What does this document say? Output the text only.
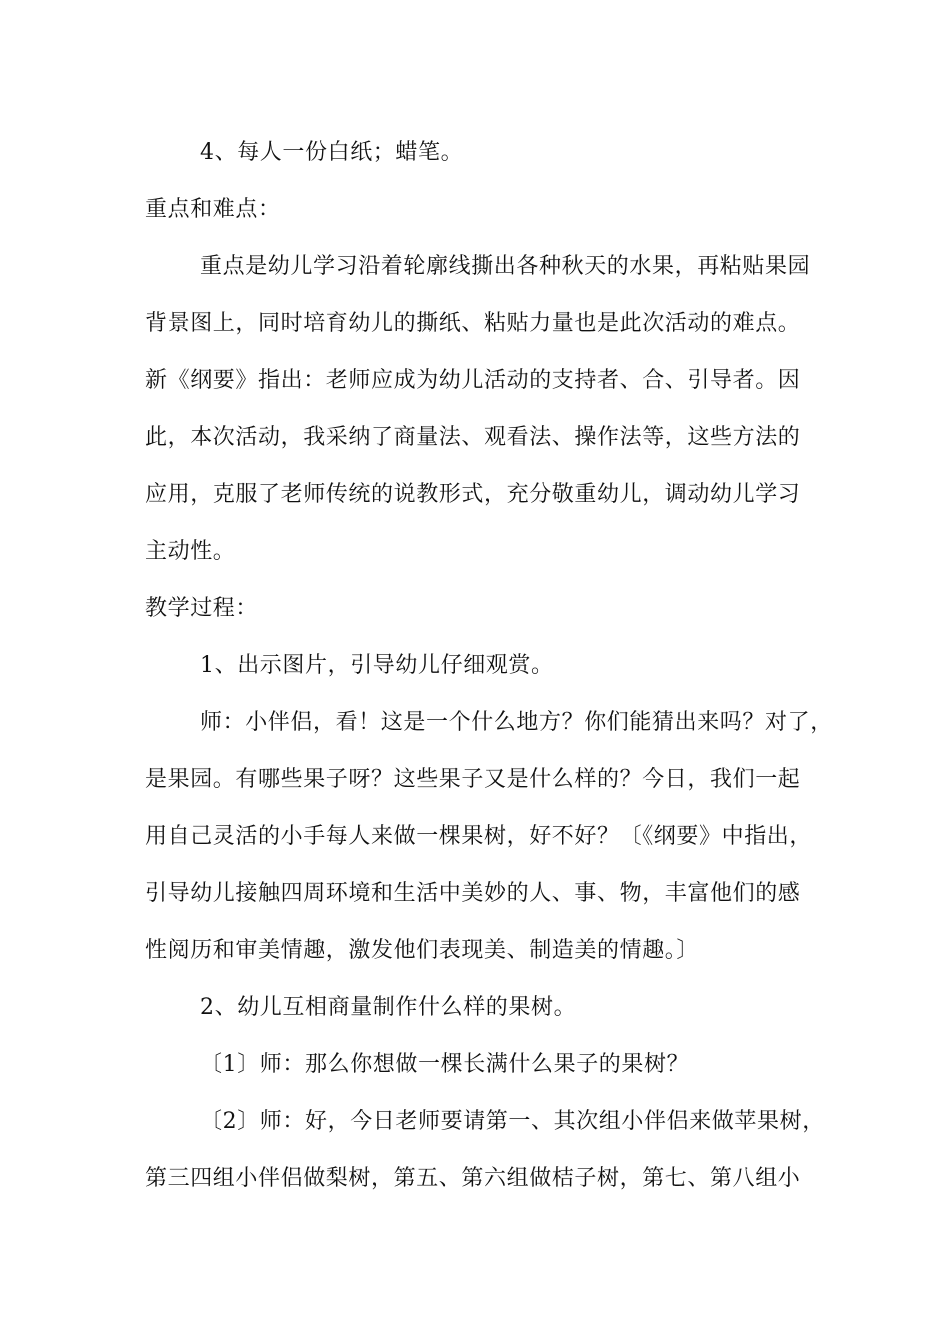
4、每人一份白纸；蜡笔。
重点和难点：
重点是幼儿学习沿着轮廓线撕出各种秋天的水果，再粘贴果园
背景图上，同时培育幼儿的撕纸、粘贴力量也是此次活动的难点。
新《纲要》指出：老师应成为幼儿活动的支持者、合、引导者。因
此，本次活动，我采纳了商量法、观看法、操作法等，这些方法的
应用，克服了老师传统的说教形式，充分敬重幼儿，调动幼儿学习
主动性。
教学过程：
1、出示图片，引导幼儿仔细观赏。
师：小伴侣，看！这是一个什么地方？你们能猜出来吗？对了，
是果园。有哪些果子呀？这些果子又是什么样的？今日，我们一起
用自己灵活的小手每人来做一棵果树，好不好？〔《纲要》中指出，
引导幼儿接触四周环境和生活中美妙的人、事、物，丰富他们的感
性阅历和审美情趣，激发他们表现美、制造美的情趣。〕
2、幼儿互相商量制作什么样的果树。
〔1〕师：那么你想做一棵长满什么果子的果树？
〔2〕师：好，今日老师要请第一、其次组小伴侣来做苹果树，
第三四组小伴侣做梨树，第五、第六组做桔子树，第七、第八组小
